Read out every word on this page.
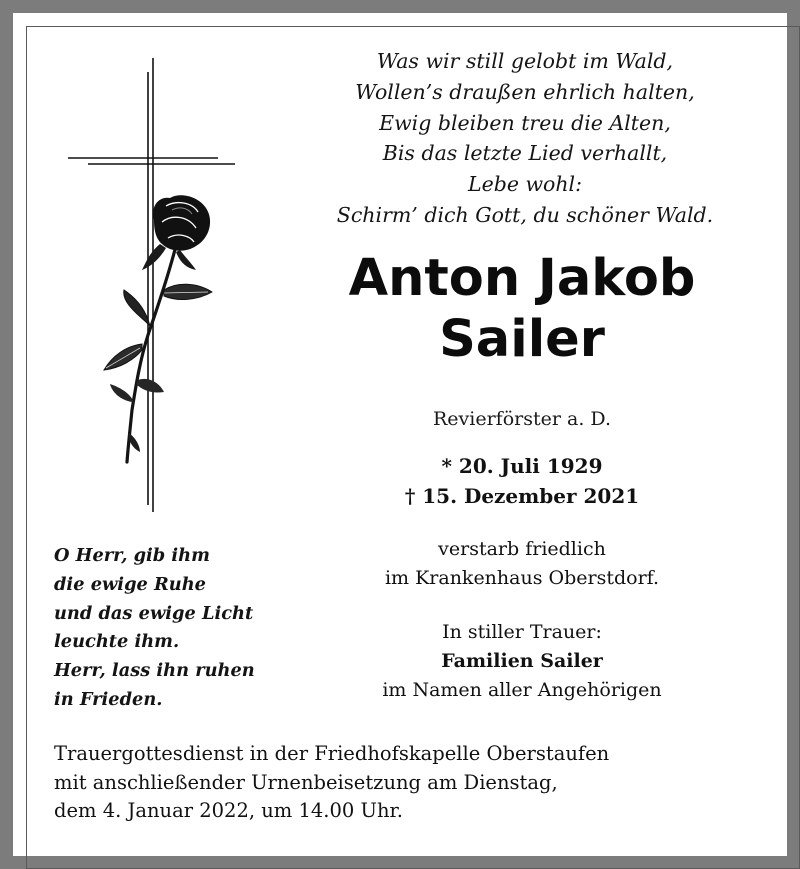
Was wir still gelobt im Wald,
Wollen’s draußen ehrlich halten,
Ewig bleiben treu die Alten,
Bis das letzte Lied verhallt,
Lebe wohl:
Schirm’ dich Gott, du schöner Wald.
Anton Jakob
Sailer
Revierförster a. D.
* 20. Juli 1929
† 15. Dezember 2021
O Herr, gib ihm
die ewige Ruhe
und das ewige Licht
leuchte ihm.
Herr, lass ihn ruhen
in Frieden.
verstarb friedlich
im Krankenhaus Oberstdorf.
In stiller Trauer:
Familien Sailer
im Namen aller Angehörigen
Trauergottesdienst in der Friedhofskapelle Oberstaufen
mit anschließender Urnenbeisetzung am Dienstag,
dem 4. Januar 2022, um 14.00 Uhr.
